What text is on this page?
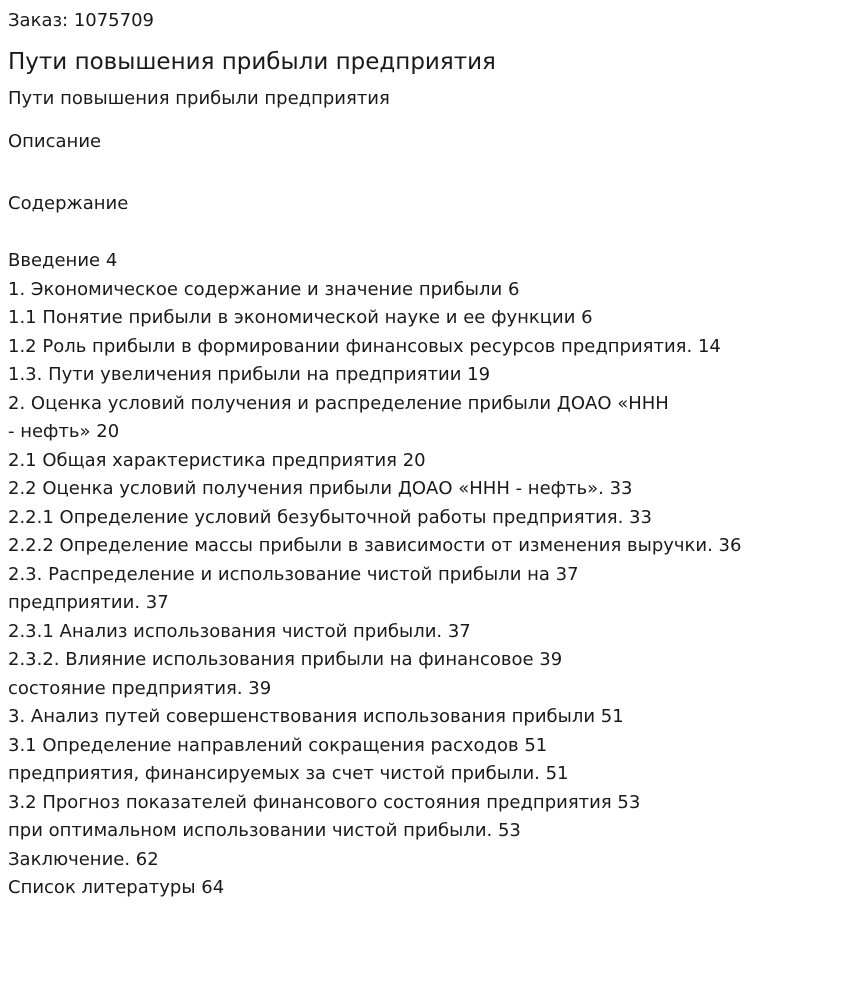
Заказ: 1075709
Пути повышения прибыли предприятия
Пути повышения прибыли предприятия
Описание
Содержание
Введение 4
1. Экономическое содержание и значение прибыли 6
1.1 Понятие прибыли в экономической науке и ее функции 6
1.2 Роль прибыли в формировании финансовых ресурсов предприятия. 14
1.3. Пути увеличения прибыли на предприятии 19
2. Оценка условий получения и распределение прибыли ДОАО «ННН
- нефть» 20
2.1 Общая характеристика предприятия 20
2.2 Оценка условий получения прибыли ДОАО «ННН - нефть». 33
2.2.1 Определение условий безубыточной работы предприятия. 33
2.2.2 Определение массы прибыли в зависимости от изменения выручки. 36
2.3. Распределение и использование чистой прибыли на 37
предприятии. 37
2.3.1 Анализ использования чистой прибыли. 37
2.3.2. Влияние использования прибыли на финансовое 39
состояние предприятия. 39
3. Анализ путей совершенствования использования прибыли 51
3.1 Определение направлений сокращения расходов 51
предприятия, финансируемых за счет чистой прибыли. 51
3.2 Прогноз показателей финансового состояния предприятия 53
при оптимальном использовании чистой прибыли. 53
Заключение. 62
Список литературы 64
